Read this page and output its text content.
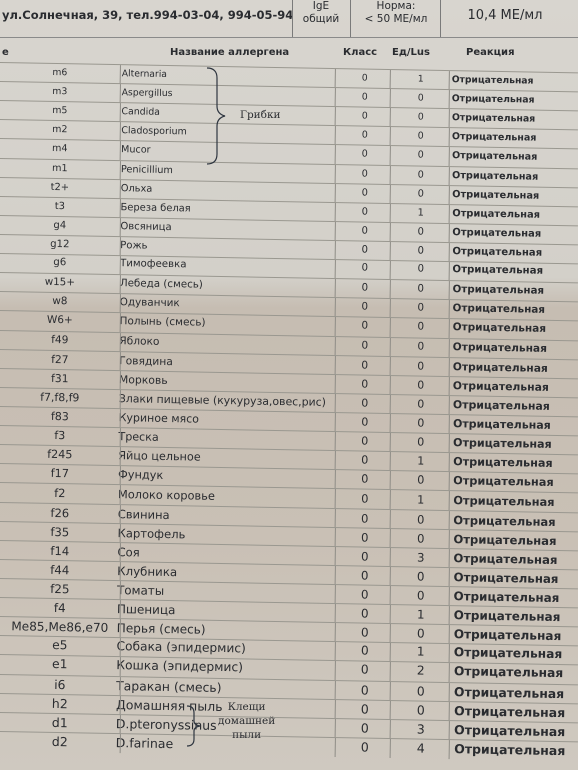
ул.Солнечная, 39, тел.994-03-04, 994-05-94
IgE
общий
Норма:
< 50 МЕ/мл	10,4 МЕ/мл
е	Название аллергена	Класс Ед/Lus	Реакция
m6	Alternaria	0	1	Отрицательная
m3	Aspergillus	0	0	Отрицательная
m5	Candida	0	0	Отрицательная
m2	Cladosporium	0	0	Отрицательная
m4	Mucor	0	0	Отрицательная
m1	Penicillium	0	0	Отрицательная
t2+	Ольха	0	0	Отрицательная
t3	Береза белая	0	1	Отрицательная
g4	Овсяница	0	0	Отрицательная
g12	Рожь	0	0	Отрицательная
g6	Тимофеевка	0	0	Отрицательная
w15+	Лебеда (смесь)	0	0	Отрицательная
w8	Одуванчик	0	0	Отрицательная
W6+	Полынь (смесь)	0	0	Отрицательная
f49	Яблоко	0	0	Отрицательная
f27	Говядина	0	0	Отрицательная
f31	Морковь	0	0	Отрицательная
f7,f8,f9	Злаки пищевые (кукуруза,овес,рис)	0	0	Отрицательная
f83	Куриное мясо	0	0	Отрицательная
f3	Треска	0	0	Отрицательная
f245	Яйцо цельное	0	1	Отрицательная
f17	Фундук	0	0	Отрицательная
f2	Молоко коровье	0	1	Отрицательная
f26	Свинина	0	0	Отрицательная
f35	Картофель	0	0	Отрицательная
f14	Соя	0	3	Отрицательная
f44	Клубника	0	0	Отрицательная
f25	Томаты	0	0	Отрицательная
f4	Пшеница	0	1	Отрицательная
Me85,Me86,e70 Перья (смесь)	0	0	Отрицательная
e5	Собака (эпидермис)	0	1	Отрицательная
e1	Кошка (эпидермис)	0	2	Отрицательная
i6	Таракан (смесь)	0	0	Отрицательная
h2	Домашняя пыль	0	0	Отрицательная
d1	D.pteronyssinus	0	3	Отрицательная
d2	D.farinae	0	4	Отрицательная
Грибки
Клещи
домашней
пыли
